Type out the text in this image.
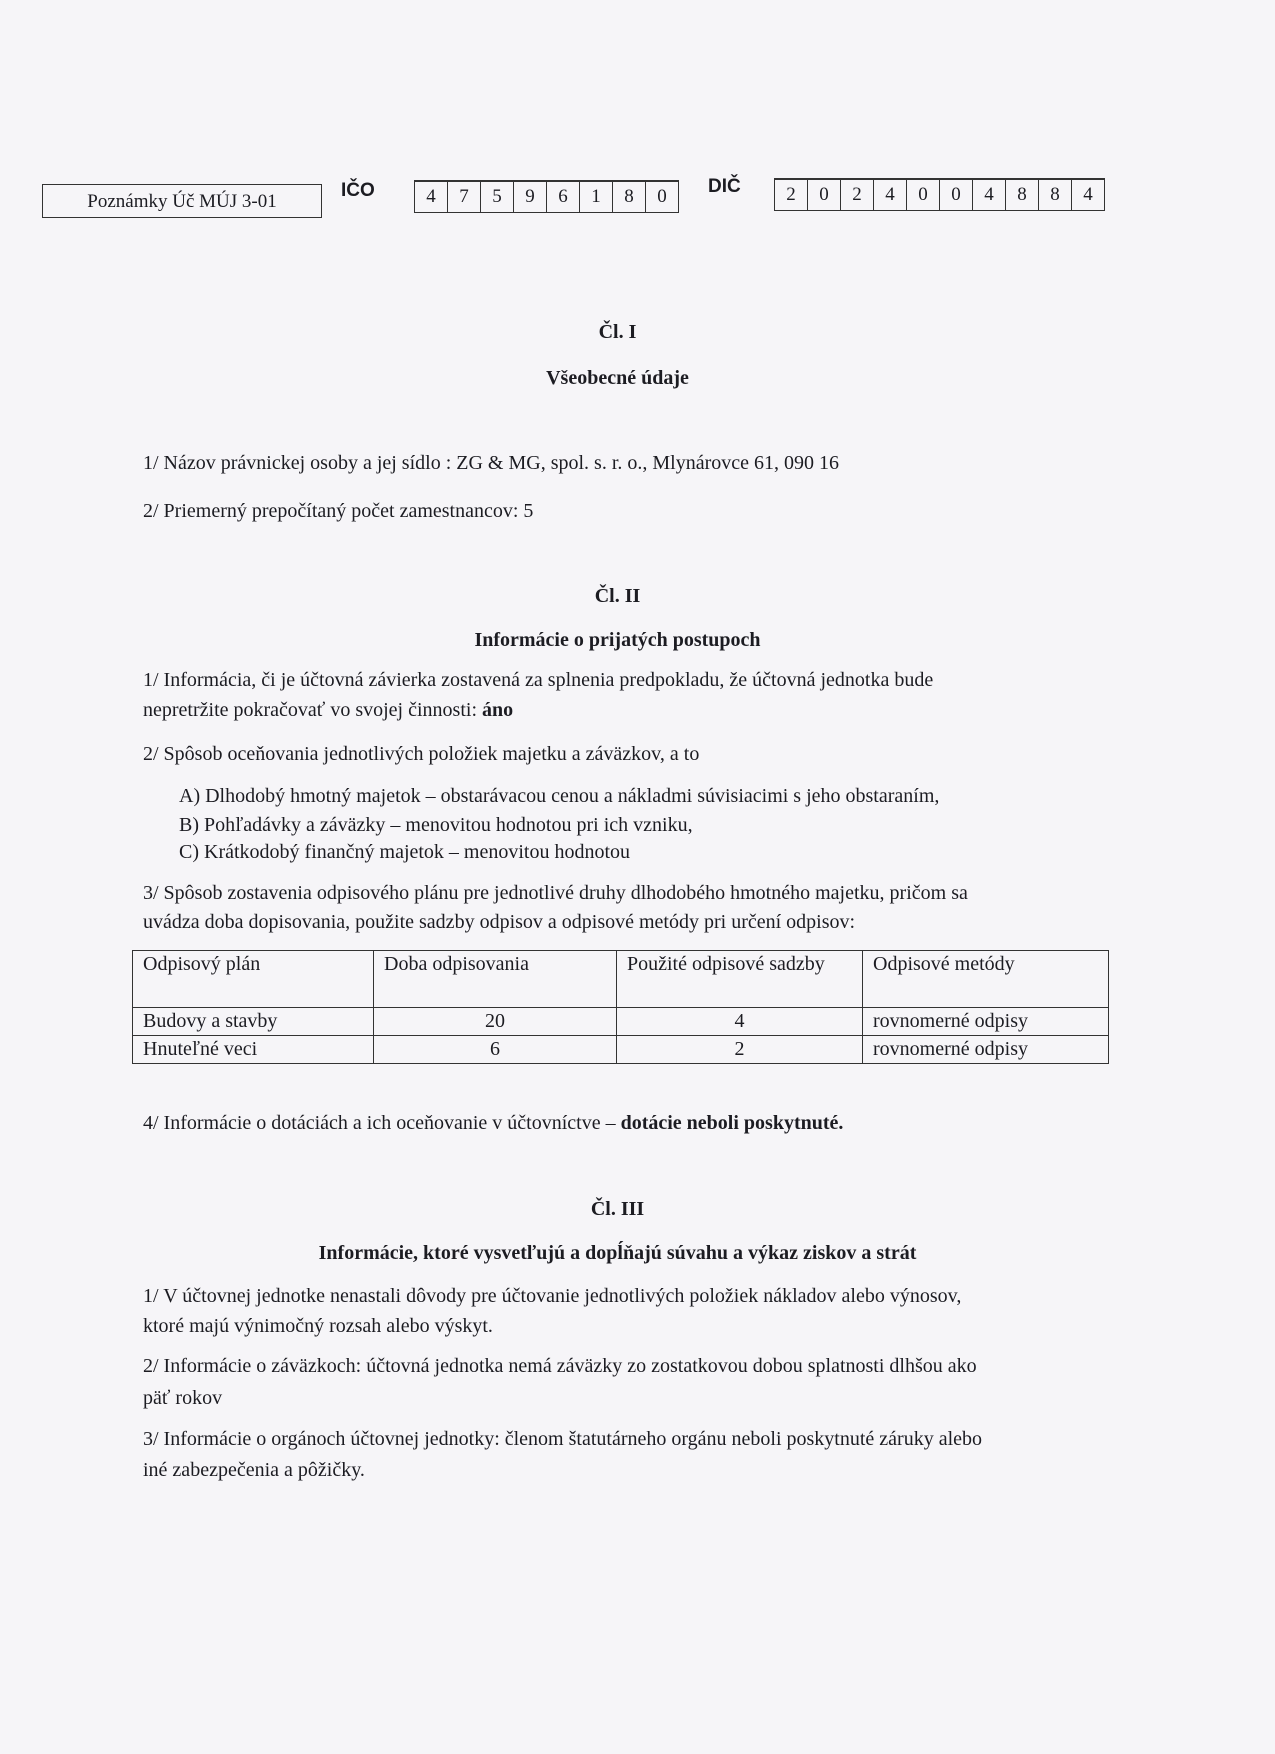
Poznámky Úč MÚJ 3-01
IČO	4	7	5	9	6	1	8	0	DIČ	2	0	2	4	0	0	4	8	8	4
Čl. I
Všeobecné údaje
1/ Názov právnickej osoby a jej sídlo : ZG & MG, spol. s. r. o., Mlynárovce 61, 090 16
2/ Priemerný prepočítaný počet zamestnancov: 5
Čl. II
Informácie o prijatých postupoch
1/ Informácia, či je účtovná závierka zostavená za splnenia predpokladu, že účtovná jednotka bude
nepretržite pokračovať vo svojej činnosti: áno
2/ Spôsob oceňovania jednotlivých položiek majetku a záväzkov, a to
A) Dlhodobý hmotný majetok – obstarávacou cenou a nákladmi súvisiacimi s jeho obstaraním,
B) Pohľadávky a záväzky – menovitou hodnotou pri ich vzniku,
C) Krátkodobý finančný majetok – menovitou hodnotou
3/ Spôsob zostavenia odpisového plánu pre jednotlivé druhy dlhodobého hmotného majetku, pričom sa
uvádza doba dopisovania, použite sadzby odpisov a odpisové metódy pri určení odpisov:
Odpisový plán	Doba odpisovania	Použité odpisové sadzby	Odpisové metódy
Budovy a stavby	20	4	rovnomerné odpisy
Hnuteľné veci	6	2	rovnomerné odpisy
4/ Informácie o dotáciách a ich oceňovanie v účtovníctve – dotácie neboli poskytnuté.
Čl. III
Informácie, ktoré vysvetľujú a dopĺňajú súvahu a výkaz ziskov a strát
1/ V účtovnej jednotke nenastali dôvody pre účtovanie jednotlivých položiek nákladov alebo výnosov,
ktoré majú výnimočný rozsah alebo výskyt.
2/ Informácie o záväzkoch: účtovná jednotka nemá záväzky zo zostatkovou dobou splatnosti dlhšou ako
päť rokov
3/ Informácie o orgánoch účtovnej jednotky: členom štatutárneho orgánu neboli poskytnuté záruky alebo
iné zabezpečenia a pôžičky.
